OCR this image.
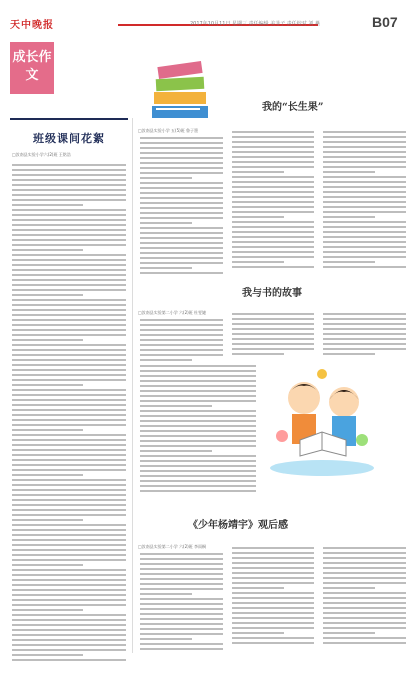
天中晚报	2017年10月11日 星期三 责任编辑 美菲子 责任校对 刘 燕	B07
成长作文
班级课间花絮
□汝南县实验小学六(2)班 王铭浩
我的“长生果”
□汝南县实验小学 五(5)班 鲁子墨
我与书的故事
□汝南县实验第二小学 六(2)班 杜雯婕
《少年杨靖宇》观后感
□汝南县实验第二小学 六(2)班 李雨桐
